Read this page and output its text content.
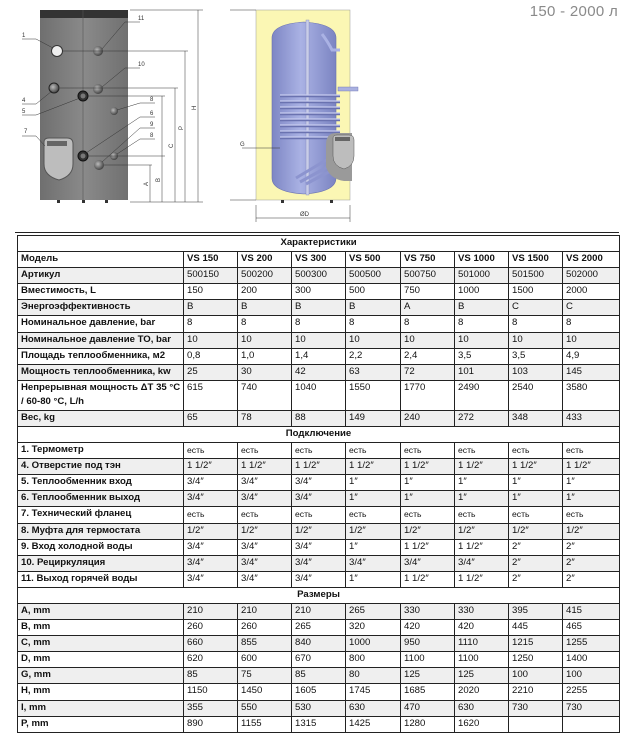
150 - 2000 л
1
11
10
4
5
8
6
7
9
8
A
B
C
P
H
G
ØD
Характеристики								
Модель	VS 150	VS 200	VS 300	VS 500	VS 750	VS 1000	VS 1500	VS 2000
Артикул	500150	500200	500300	500500	500750	501000	501500	502000
Вместимость, L	150	200	300	500	750	1000	1500	2000
Энергоэффективность	B	B	B	B	A	B	C	C
Номинальное давление, bar	8	8	8	8	8	8	8	8
Номинальное давление ТО, bar	10	10	10	10	10	10	10	10
Площадь теплообменника, м2	0,8	1,0	1,4	2,2	2,4	3,5	3,5	4,9
Мощность теплообменника, kw	25	30	42	63	72	101	103	145

Непрерывная мощность ΔТ 35 °С
/ 60-80 °С, L/h	615	740	1040	1550	1770	2490	2540	3580
Вес, kg	65	78	88	149	240	272	348	433
Подключение								
1. Термометр	есть	есть	есть	есть	есть	есть	есть	есть
4. Отверстие под тэн	1 1/2″	1 1/2″	1 1/2″	1 1/2″	1 1/2″	1 1/2″	1 1/2″	1 1/2″
5. Теплообменник вход	3/4″	3/4″	3/4″	1″	1″	1″	1″	1″
6. Теплообменник выход	3/4″	3/4″	3/4″	1″	1″	1″	1″	1″
7. Технический фланец	есть	есть	есть	есть	есть	есть	есть	есть
8. Муфта для термостата	1/2″	1/2″	1/2″	1/2″	1/2″	1/2″	1/2″	1/2″
9. Вход холодной воды	3/4″	3/4″	3/4″	1″	1 1/2″	1 1/2″	2″	2″
10. Рециркуляция	3/4″	3/4″	3/4″	3/4″	3/4″	3/4″	2″	2″
11. Выход горячей воды	3/4″	3/4″	3/4″	1″	1 1/2″	1 1/2″	2″	2″
Размеры								
A, mm	210	210	210	265	330	330	395	415
B, mm	260	260	265	320	420	420	445	465
C, mm	660	855	840	1000	950	1110	1215	1255
D, mm	620	600	670	800	1100	1100	1250	1400
G, mm	85	75	85	80	125	125	100	100
H, mm	1150	1450	1605	1745	1685	2020	2210	2255
I, mm	355	550	530	630	470	630	730	730
P, mm	890	1155	1315	1425	1280	1620		
